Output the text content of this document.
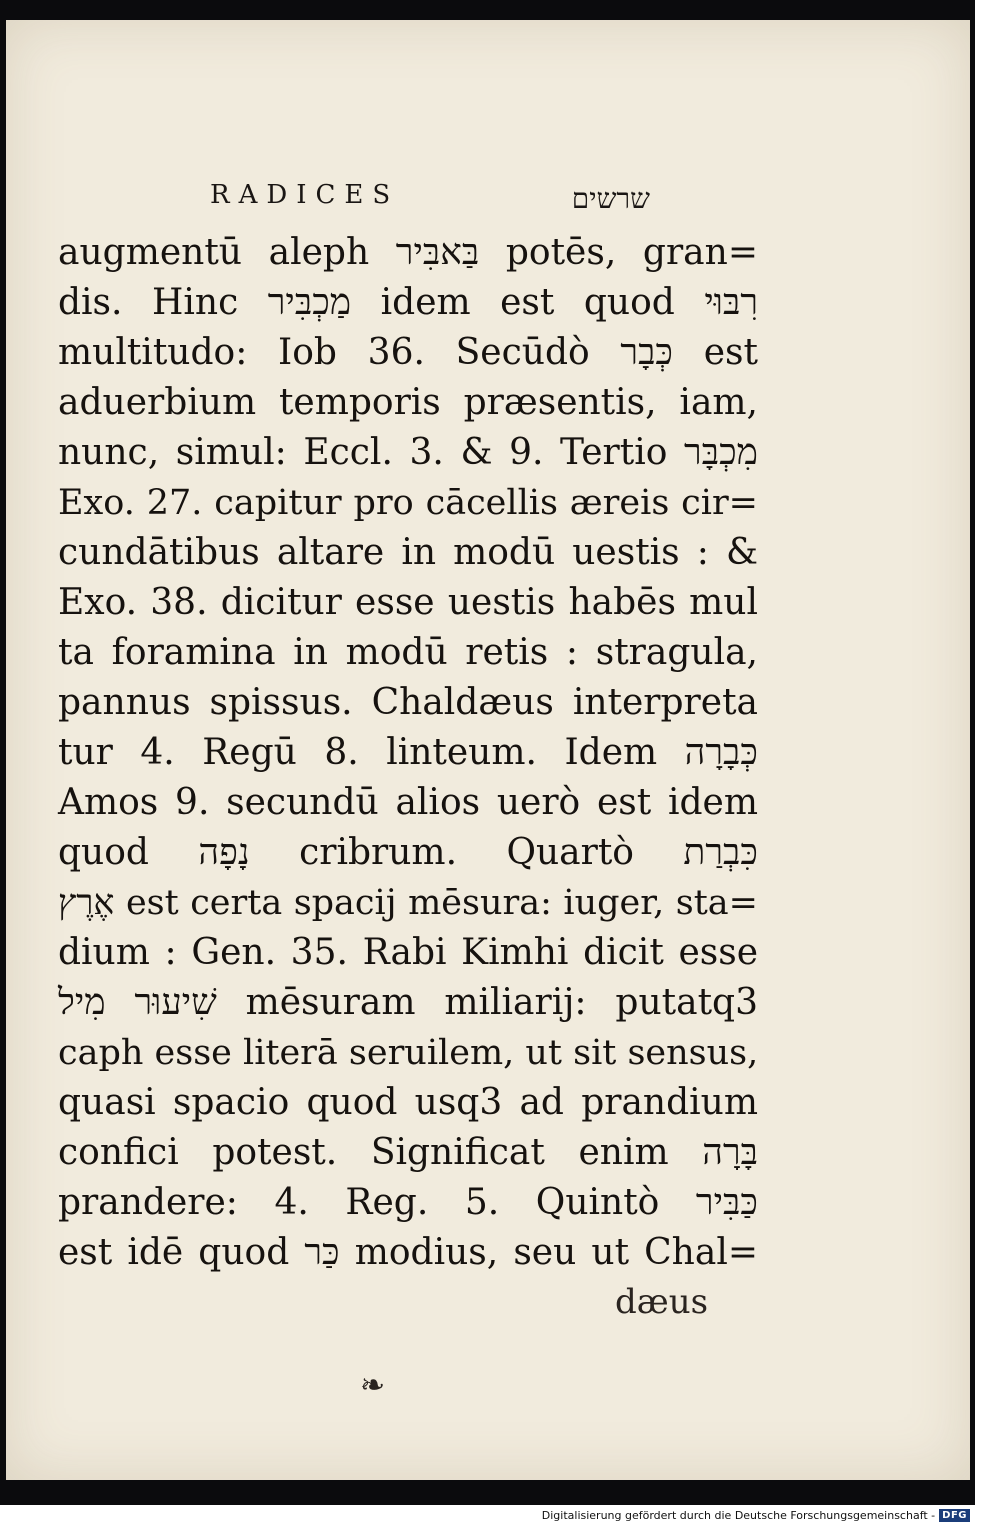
RADICES	שרשים
augmentū aleph בַּאבִּיר potēs, gran=
dis. Hinc מַכְבִּיר idem est quod רִבּוּי
multitudo: Iob 36. Secūdò כְּבָר est
aduerbium temporis præsentis, iam,
nunc, simul: Eccl. 3. & 9. Tertio מִכְבָּר
Exo. 27. capitur pro cācellis æreis cir=
cundātibus altare in modū uestis : &
Exo. 38. dicitur esse uestis habēs mul
ta foramina in modū retis : stragula,
pannus spissus. Chaldæus interpreta
tur 4. Regū 8. linteum. Idem כְּבָרָה
Amos 9. secundū alios uerò est idem
quod נָפָה cribrum. Quartò כִּבְרַת
אֶרֶץ est certa spacij mēsura: iuger, sta=
dium : Gen. 35. Rabi Kimhi dicit esse
שִׁיעוּר מִיל mēsuram miliarij: putatq3
caph esse literā seruilem, ut sit sensus,
quasi spacio quod usq3 ad prandium
confici potest. Significat enim בָּרָה
prandere: 4. Reg. 5. Quintò כַּבִּיר
est idē quod כַּר modius, seu ut Chal=
dæus
❧
Digitalisierung gefördert durch die Deutsche Forschungsgemeinschaft - DFG
